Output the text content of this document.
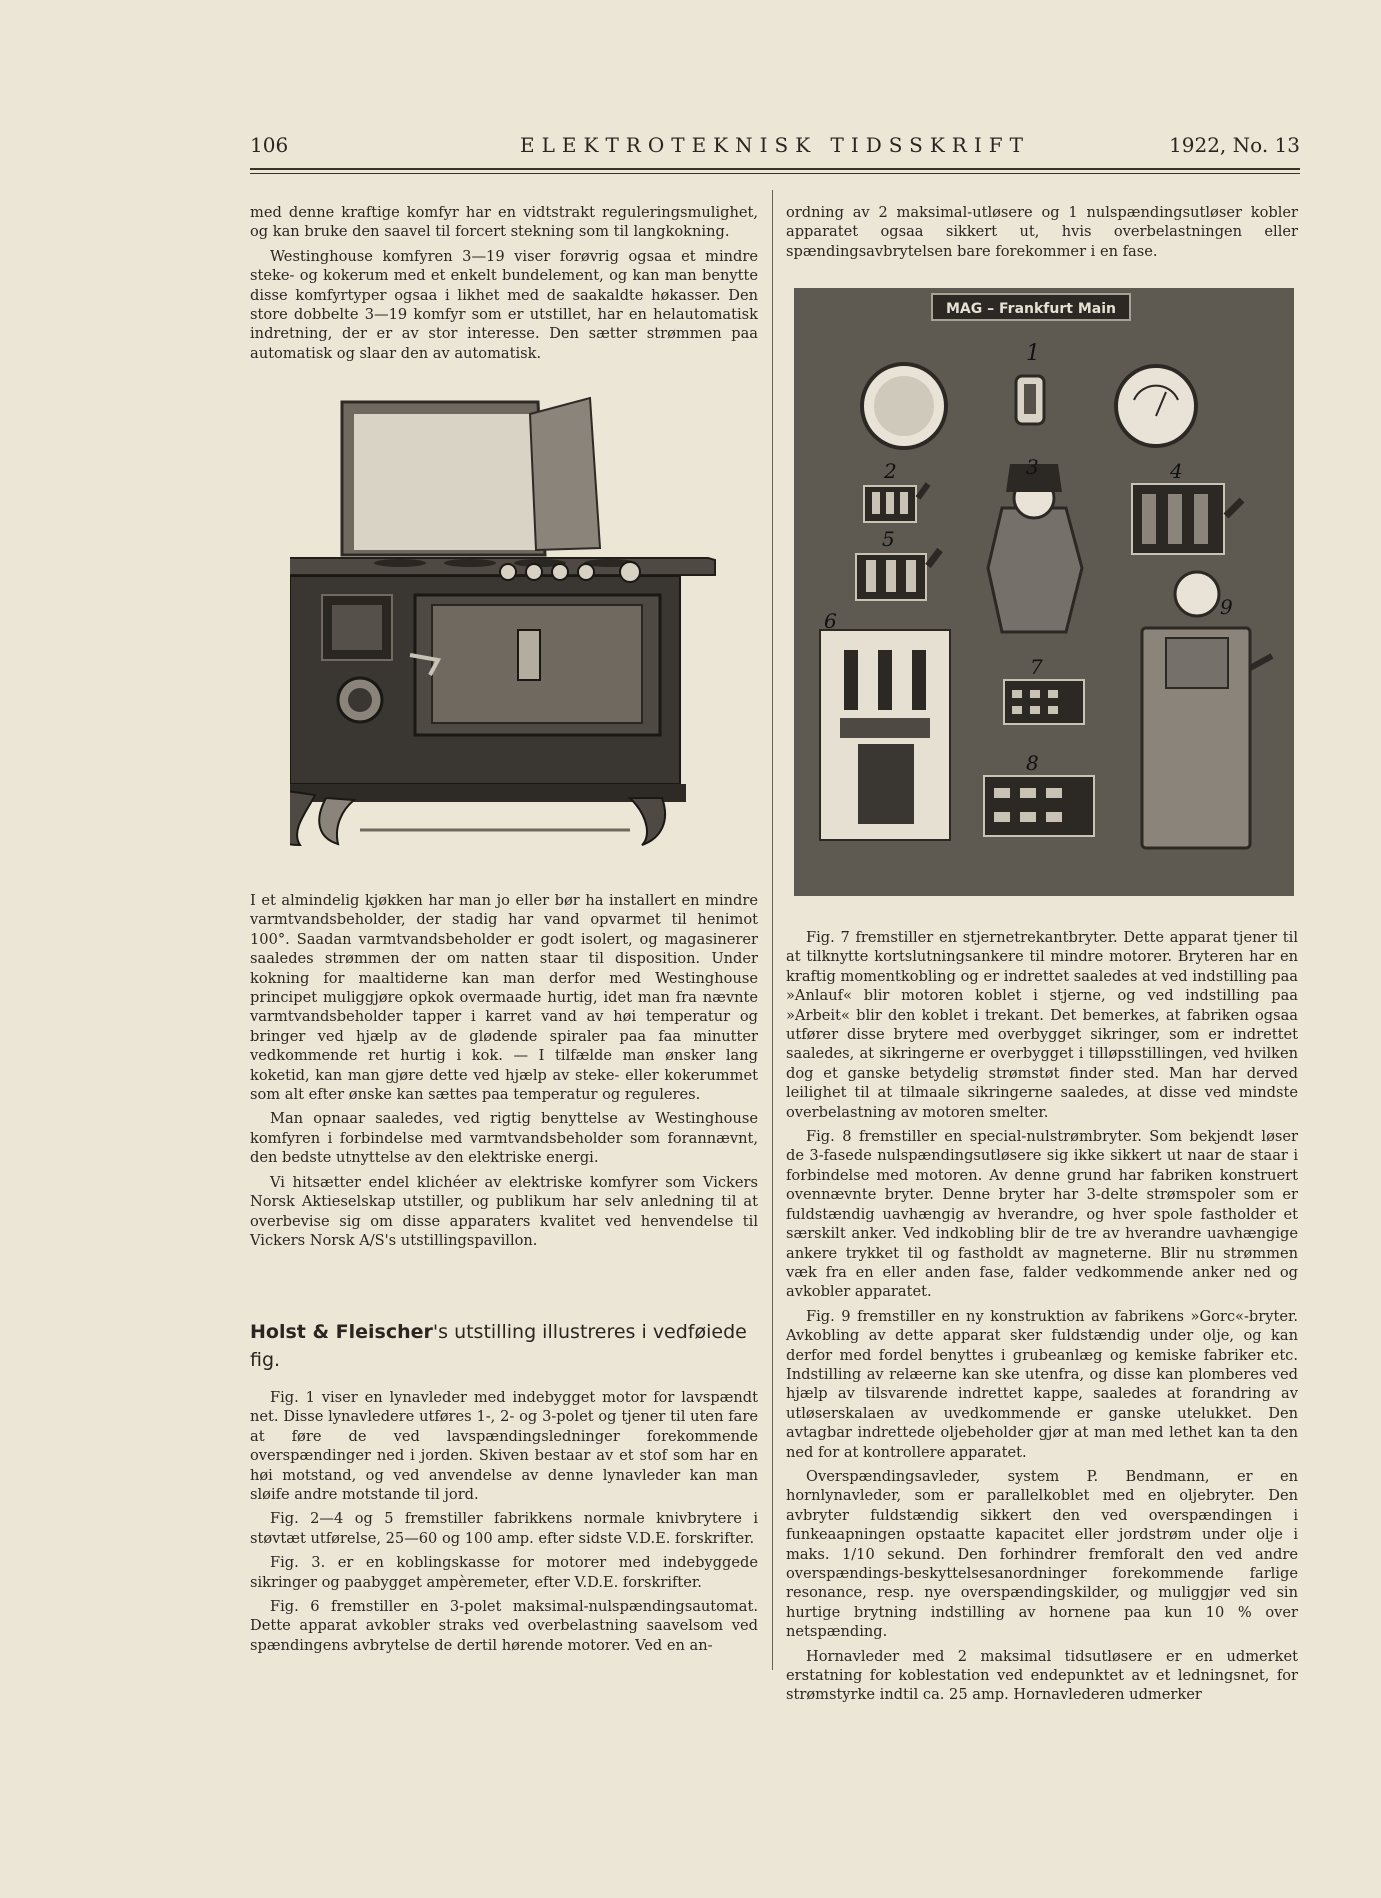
106	ELEKTROTEKNISK TIDSSKRIFT	1922, No. 13

med denne kraftige komfyr har en vidtstrakt reguleringsmulighet, og kan bruke den saavel til forcert stekning som til langkokning.

Westinghouse komfyren 3—19 viser forøvrig ogsaa et mindre steke- og kokerum med et enkelt bundelement, og kan man benytte disse komfyrtyper ogsaa i likhet med de saakaldte høkasser. Den store dobbelte 3—19 komfyr som er utstillet, har en helautomatisk indretning, der er av stor interesse. Den sætter strømmen paa automatisk og slaar den av automatisk.

I et almindelig kjøkken har man jo eller bør ha installert en mindre varmtvandsbeholder, der stadig har vand opvarmet til henimot 100°. Saadan varmtvandsbeholder er godt isolert, og magasinerer saaledes strømmen der om natten staar til disposition. Under kokning for maaltiderne kan man derfor med Westinghouse principet muliggjøre opkok overmaade hurtig, idet man fra nævnte varmtvandsbeholder tapper i karret vand av høi temperatur og bringer ved hjælp av de glødende spiraler paa faa minutter vedkommende ret hurtig i kok. — I tilfælde man ønsker lang koketid, kan man gjøre dette ved hjælp av steke- eller kokerummet som alt efter ønske kan sættes paa temperatur og reguleres.

Man opnaar saaledes, ved rigtig benyttelse av Westinghouse komfyren i forbindelse med varmtvandsbeholder som forannævnt, den bedste utnyttelse av den elektriske energi.

Vi hitsætter endel klichéer av elektriske komfyrer som Vickers Norsk Aktieselskap utstiller, og publikum har selv anledning til at overbevise sig om disse apparaters kvalitet ved henvendelse til Vickers Norsk A/S's utstillingspavillon.

Holst & Fleischer's utstilling illustreres i vedføiede fig.

Fig. 1 viser en lynavleder med indebygget motor for lavspændt net. Disse lynavledere utføres 1-, 2- og 3-polet og tjener til uten fare at føre de ved lavspændingsledninger forekommende overspændinger ned i jorden. Skiven bestaar av et stof som har en høi motstand, og ved anvendelse av denne lynavleder kan man sløife andre motstande til jord.

Fig. 2—4 og 5 fremstiller fabrikkens normale knivbrytere i støvtæt utførelse, 25—60 og 100 amp. efter sidste V.D.E. forskrifter.

Fig. 3. er en koblingskasse for motorer med indebyggede sikringer og paabygget ampèremeter, efter V.D.E. forskrifter.

Fig. 6 fremstiller en 3-polet maksimal-nulspændingsautomat. Dette apparat avkobler straks ved overbelastning saavelsom ved spændingens avbrytelse de dertil hørende motorer. Ved en an-

ordning av 2 maksimal-utløsere og 1 nulspændingsutløser kobler apparatet ogsaa sikkert ut, hvis overbelastningen eller spændingsavbrytelsen bare forekommer i en fase.

MAG – Frankfurt Main
1
2	3	4
5
6
7
8
9

Fig. 7 fremstiller en stjernetrekantbryter. Dette apparat tjener til at tilknytte kortslutningsankere til mindre motorer. Bryteren har en kraftig momentkobling og er indrettet saaledes at ved indstilling paa »Anlauf« blir motoren koblet i stjerne, og ved indstilling paa »Arbeit« blir den koblet i trekant. Det bemerkes, at fabriken ogsaa utfører disse brytere med overbygget sikringer, som er indrettet saaledes, at sikringerne er overbygget i tilløpsstillingen, ved hvilken dog et ganske betydelig strømstøt finder sted. Man har derved leilighet til at tilmaale sikringerne saaledes, at disse ved mindste overbelastning av motoren smelter.

Fig. 8 fremstiller en special-nulstrømbryter. Som bekjendt løser de 3-fasede nulspændingsutløsere sig ikke sikkert ut naar de staar i forbindelse med motoren. Av denne grund har fabriken konstruert ovennævnte bryter. Denne bryter har 3-delte strømspoler som er fuldstændig uavhængig av hverandre, og hver spole fastholder et særskilt anker. Ved indkobling blir de tre av hverandre uavhængige ankere trykket til og fastholdt av magneterne. Blir nu strømmen væk fra en eller anden fase, falder vedkommende anker ned og avkobler apparatet.

Fig. 9 fremstiller en ny konstruktion av fabrikens »Gorc«-bryter. Avkobling av dette apparat sker fuldstændig under olje, og kan derfor med fordel benyttes i grubeanlæg og kemiske fabriker etc. Indstilling av relæerne kan ske utenfra, og disse kan plomberes ved hjælp av tilsvarende indrettet kappe, saaledes at forandring av utløserskalaen av uvedkommende er ganske utelukket. Den avtagbar indrettede oljebeholder gjør at man med lethet kan ta den ned for at kontrollere apparatet.

Overspændingsavleder, system P. Bendmann, er en hornlynavleder, som er parallelkoblet med en oljebryter. Den avbryter fuldstændig sikkert den ved overspændingen i funkeaapningen opstaatte kapacitet eller jordstrøm under olje i maks. 1/10 sekund. Den forhindrer fremforalt den ved andre overspændings-beskyttelsesanordninger forekommende farlige resonance, resp. nye overspændingskilder, og muliggjør ved sin hurtige brytning indstilling av hornene paa kun 10 % over netspænding.

Hornavleder med 2 maksimal tidsutløsere er en udmerket erstatning for koblestation ved endepunktet av et ledningsnet, for strømstyrke indtil ca. 25 amp. Hornavlederen udmerker
